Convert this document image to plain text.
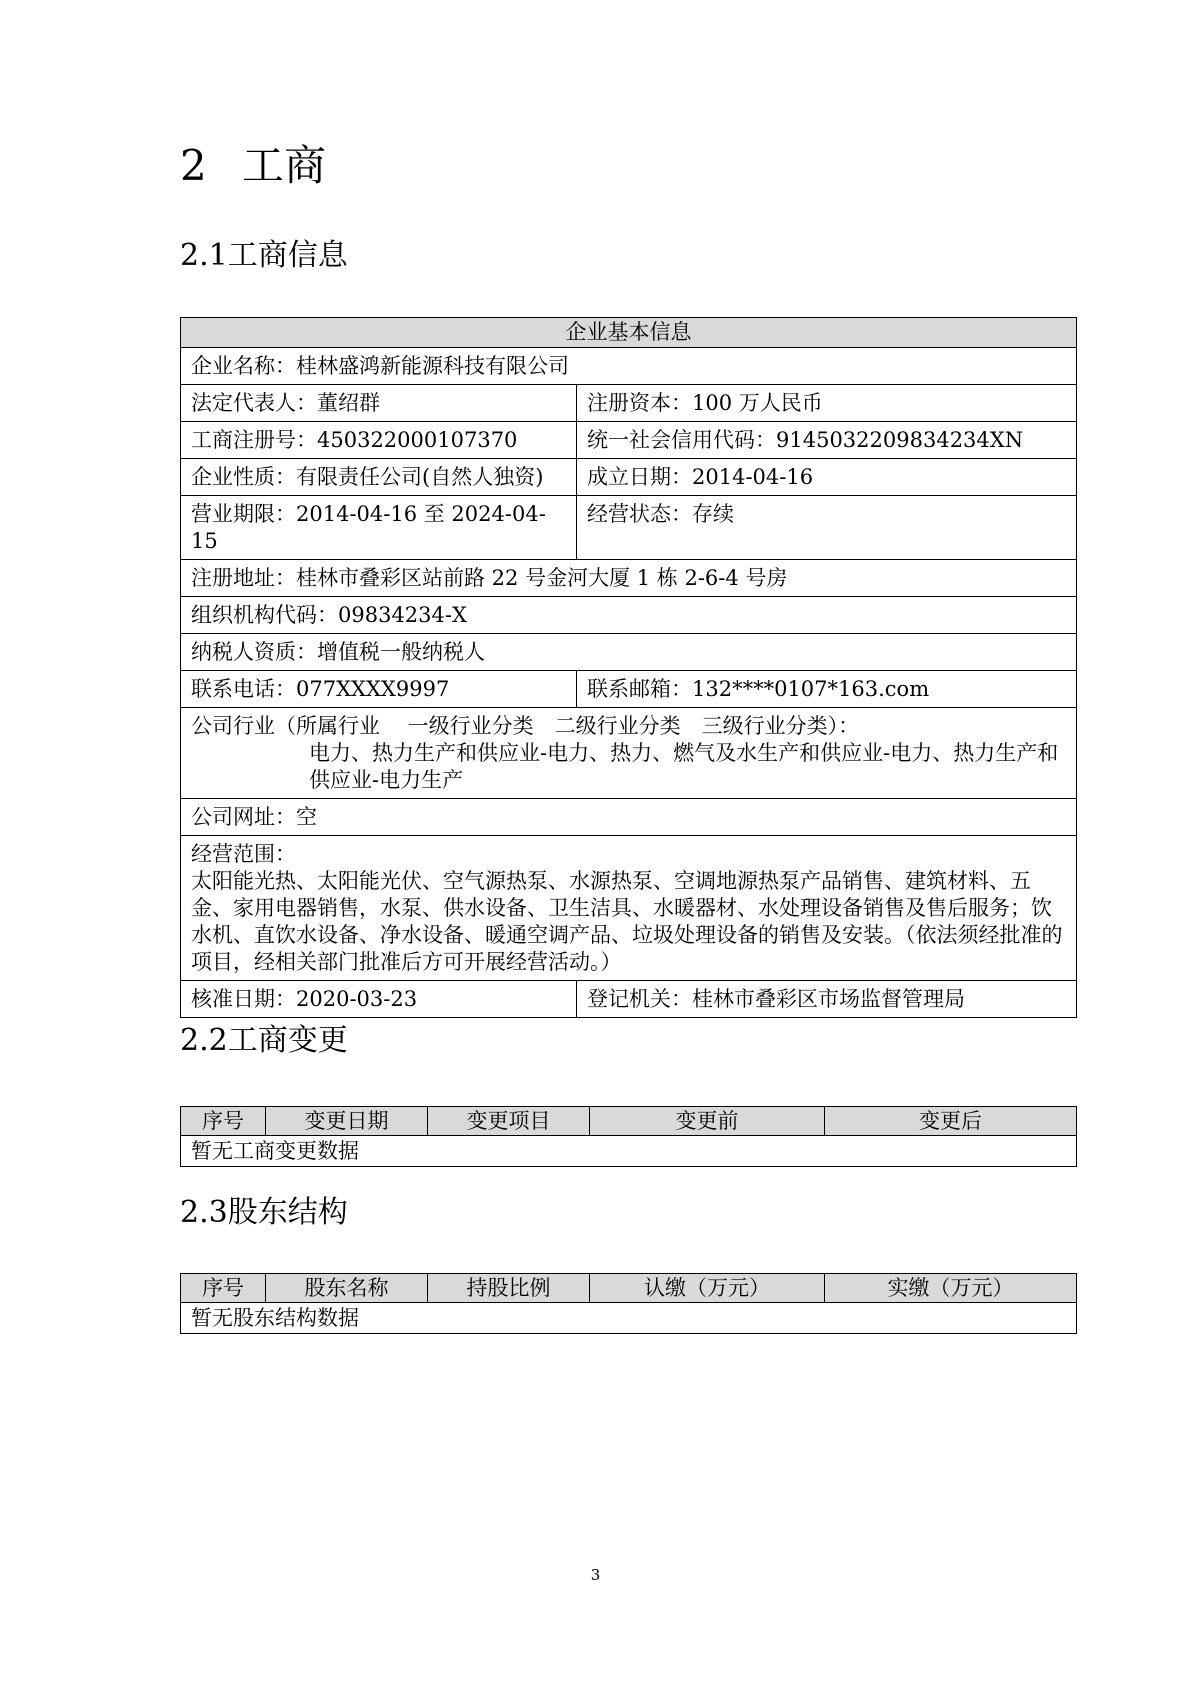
2 工商
2.1工商信息
企业基本信息	
企业名称：桂林盛鸿新能源科技有限公司	
法定代表人：董绍群	注册资本：100 万人民币
工商注册号：450322000107370	统一社会信用代码：9145032209834234XN
企业性质：有限责任公司(自然人独资)	成立日期：2014-04-16
营业期限：2014-04-16 至 2024-04-15	经营状态：存续
注册地址：桂林市叠彩区站前路 22 号金河大厦 1 栋 2-6-4 号房	
组织机构代码：09834234-X	
纳税人资质：增值税一般纳税人	
联系电话：077XXXX9997	联系邮箱：132****0107*163.com
公司行业（所属行业　 一级行业分类　二级行业分类　三级行业分类）：
电力、热力生产和供应业-电力、热力、燃气及水生产和供应业-电力、热力生产和供应业-电力生产	

公司网址：空	

经营范围：
太阳能光热、太阳能光伏、空气源热泵、水源热泵、空调地源热泵产品销售、建筑材料、五金、家用电器销售，水泵、供水设备、卫生洁具、水暖器材、水处理设备销售及售后服务；饮水机、直饮水设备、净水设备、暖通空调产品、垃圾处理设备的销售及安装。（依法须经批准的项目，经相关部门批准后方可开展经营活动。）	
核准日期：2020-03-23	登记机关：桂林市叠彩区市场监督管理局
2.2工商变更
序号	变更日期	变更项目	变更前	变更后
暂无工商变更数据
2.3股东结构
序号	股东名称	持股比例	认缴（万元）	实缴（万元）
暂无股东结构数据
3
